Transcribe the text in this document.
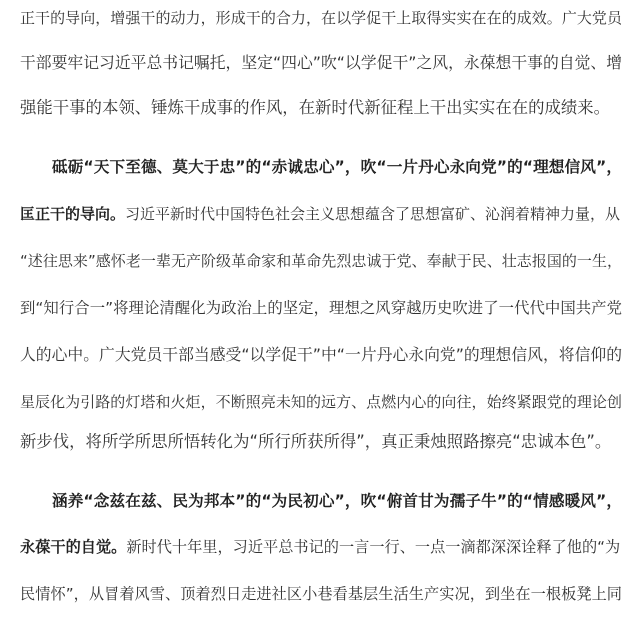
正干的导向，增强干的动力，形成干的合力，在以学促干上取得实实在在的成效。广大党员
干部要牢记习近平总书记嘱托，坚定“四心”吹“以学促干”之风，永葆想干事的自觉、增
强能干事的本领、锤炼干成事的作风，在新时代新征程上干出实实在在的成绩来。
砥砺“天下至德、莫大于忠”的“赤诚忠心”，吹“一片丹心永向党”的“理想信风”，
匡正干的导向。习近平新时代中国特色社会主义思想蕴含了思想富矿、沁润着精神力量，从
“述往思来”感怀老一辈无产阶级革命家和革命先烈忠诚于党、奉献于民、壮志报国的一生，
到“知行合一”将理论清醒化为政治上的坚定，理想之风穿越历史吹进了一代代中国共产党
人的心中。广大党员干部当感受“以学促干”中“一片丹心永向党”的理想信风，将信仰的
星辰化为引路的灯塔和火炬，不断照亮未知的远方、点燃内心的向往，始终紧跟党的理论创
新步伐，将所学所思所悟转化为“所行所获所得”，真正秉烛照路擦亮“忠诚本色”。
涵养“念兹在兹、民为邦本”的“为民初心”，吹“俯首甘为孺子牛”的“情感暖风”，
永葆干的自觉。新时代十年里，习近平总书记的一言一行、一点一滴都深深诠释了他的“为
民情怀”，从冒着风雪、顶着烈日走进社区小巷看基层生活生产实况，到坐在一根板凳上同
